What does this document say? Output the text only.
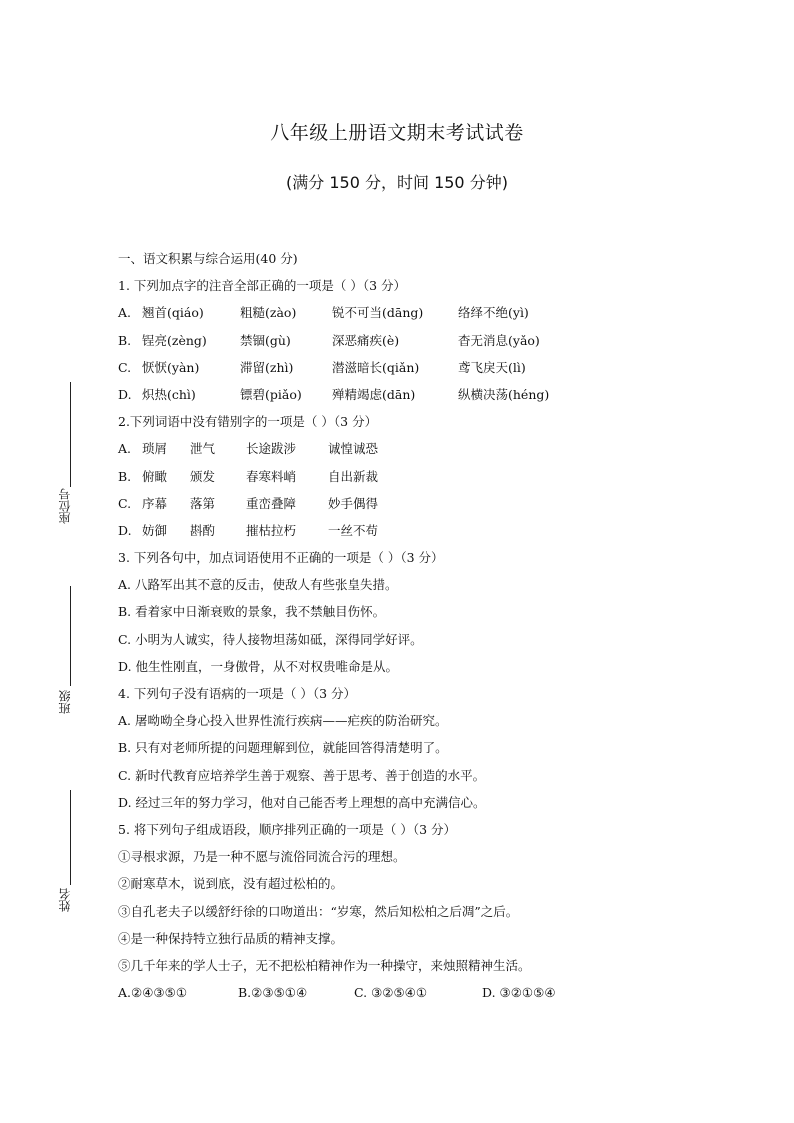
八年级上册语文期末考试试卷
(满分 150 分，时间 150 分钟)
座位号
班级
姓名
一、语文积累与综合运用(40 分)
1. 下列加点字的注音全部正确的一项是（ ）（3 分）
A. 翘首(qiáo)	粗糙(zào)	锐不可当(dāng)	络绎不绝(yì)
B. 锃亮(zèng)	禁锢(gù)	深恶痛疾(è)	杳无消息(yǎo)
C. 恹恹(yàn)	滞留(zhì)	潜滋暗长(qiǎn)	鸢飞戾天(lì)
D. 炽热(chì)	镖碧(piǎo)	殚精竭虑(dān)	纵横决荡(héng)
2.下列词语中没有错别字的一项是（ ）（3 分）
A. 琐屑	泄气	长途跋涉	诚惶诚恐
B. 俯瞰	颁发	春寒料峭	自出新裁
C. 序幕	落第	重峦叠障	妙手偶得
D. 妨御	斟酌	摧枯拉朽	一丝不苟
3. 下列各句中，加点词语使用不正确的一项是（ ）（3 分）
A. 八路军出其不意的反击，使敌人有些张皇失措。
B. 看着家中日渐衰败的景象，我不禁触目伤怀。
C. 小明为人诚实，待人接物坦荡如砥，深得同学好评。
D. 他生性刚直，一身傲骨，从不对权贵唯命是从。
4. 下列句子没有语病的一项是（ ）（3 分）
A. 屠呦呦全身心投入世界性流行疾病——疟疾的防治研究。
B. 只有对老师所提的问题理解到位，就能回答得清楚明了。
C. 新时代教育应培养学生善于观察、善于思考、善于创造的水平。
D. 经过三年的努力学习，他对自己能否考上理想的高中充满信心。
5. 将下列句子组成语段，顺序排列正确的一项是（ ）（3 分）
①寻根求源，乃是一种不愿与流俗同流合污的理想。
②耐寒草木，说到底，没有超过松柏的。
③自孔老夫子以缓舒纡徐的口吻道出：“岁寒，然后知松柏之后凋”之后。
④是一种保持特立独行品质的精神支撑。
⑤几千年来的学人士子，无不把松柏精神作为一种操守，来烛照精神生活。
A.②④③⑤①	B.②③⑤①④	C. ③②⑤④①	D. ③②①⑤④
